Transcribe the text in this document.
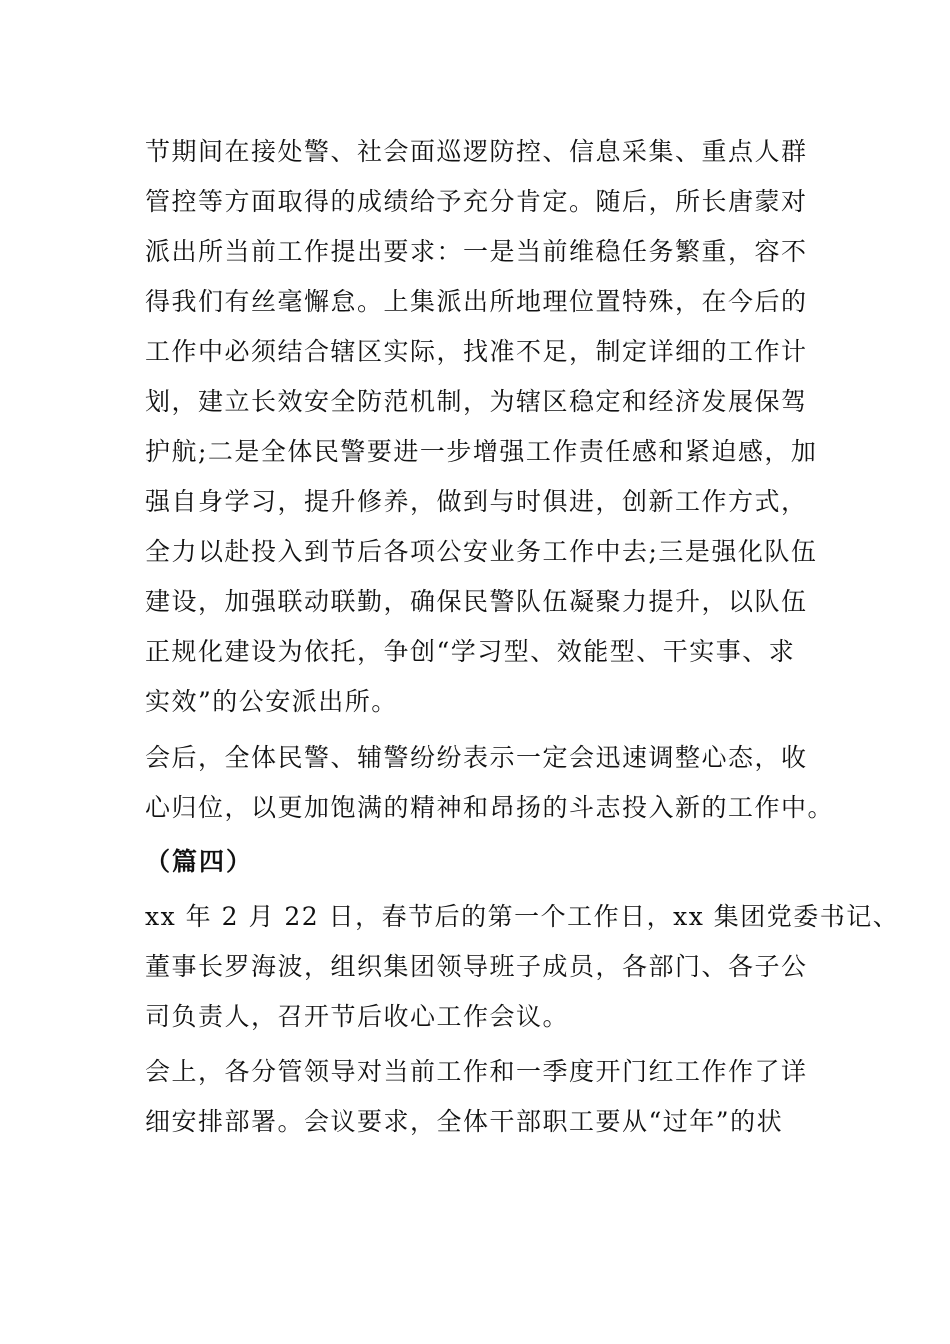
节期间在接处警、社会面巡逻防控、信息采集、重点人群
管控等方面取得的成绩给予充分肯定。随后，所长唐蒙对
派出所当前工作提出要求：一是当前维稳任务繁重，容不
得我们有丝毫懈怠。上集派出所地理位置特殊，在今后的
工作中必须结合辖区实际，找准不足，制定详细的工作计
划，建立长效安全防范机制，为辖区稳定和经济发展保驾
护航;二是全体民警要进一步增强工作责任感和紧迫感，加
强自身学习，提升修养，做到与时俱进，创新工作方式，
全力以赴投入到节后各项公安业务工作中去;三是强化队伍
建设，加强联动联勤，确保民警队伍凝聚力提升，以队伍
正规化建设为依托，争创“学习型、效能型、干实事、求
实效”的公安派出所。
会后，全体民警、辅警纷纷表示一定会迅速调整心态，收
心归位，以更加饱满的精神和昂扬的斗志投入新的工作中。
（篇四）
xx 年 2 月 22 日，春节后的第一个工作日，xx 集团党委书记、
董事长罗海波，组织集团领导班子成员，各部门、各子公
司负责人，召开节后收心工作会议。
会上，各分管领导对当前工作和一季度开门红工作作了详
细安排部署。会议要求，全体干部职工要从“过年”的状
